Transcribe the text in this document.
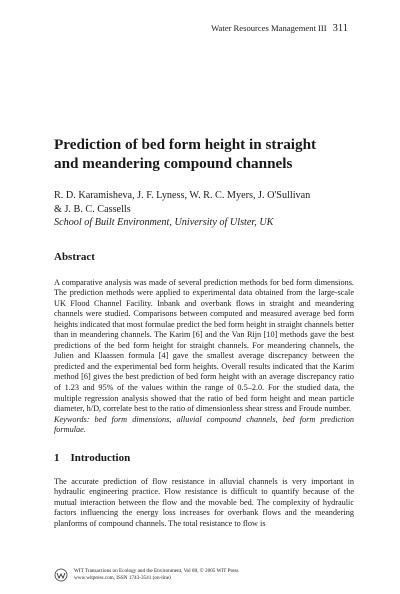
Water Resources Management III 311
Prediction of bed form height in straight
and meandering compound channels
R. D. Karamisheva, J. F. Lyness, W. R. C. Myers, J. O'Sullivan
& J. B. C. Cassells
School of Built Environment, University of Ulster, UK
Abstract
A comparative analysis was made of several prediction methods for bed form dimensions. The prediction methods were applied to experimental data obtained from the large-scale UK Flood Channel Facility. Inbank and overbank flows in straight and meandering channels were studied. Comparisons between computed and measured average bed form heights indicated that most formulae predict the bed form height in straight channels better than in meandering channels. The Karim [6] and the Van Rijn [10] methods gave the best predictions of the bed form height for straight channels. For meandering channels, the Julien and Klaassen formula [4] gave the smallest average discrepancy between the predicted and the experimental bed form heights. Overall results indicated that the Karim method [6] gives the best prediction of bed form height with an average discrepancy ratio of 1.23 and 95% of the values within the range of 0.5–2.0. For the studied data, the multiple regression analysis showed that the ratio of bed form height and mean particle diameter, h/D, correlate best to the ratio of dimensionless shear stress and Froude number.
Keywords: bed form dimensions, alluvial compound channels, bed form prediction formulae.
1 Introduction
The accurate prediction of flow resistance in alluvial channels is very important in hydraulic engineering practice. Flow resistance is difficult to quantify because of the mutual interaction between the flow and the movable bed. The complexity of hydraulic factors influencing the energy loss increases for overbank flows and the meandering planforms of compound channels. The total resistance to flow is
WIT Transactions on Ecology and the Environment, Vol 80, © 2005 WIT Press
www.witpress.com, ISSN 1743-3541 (on-line)
